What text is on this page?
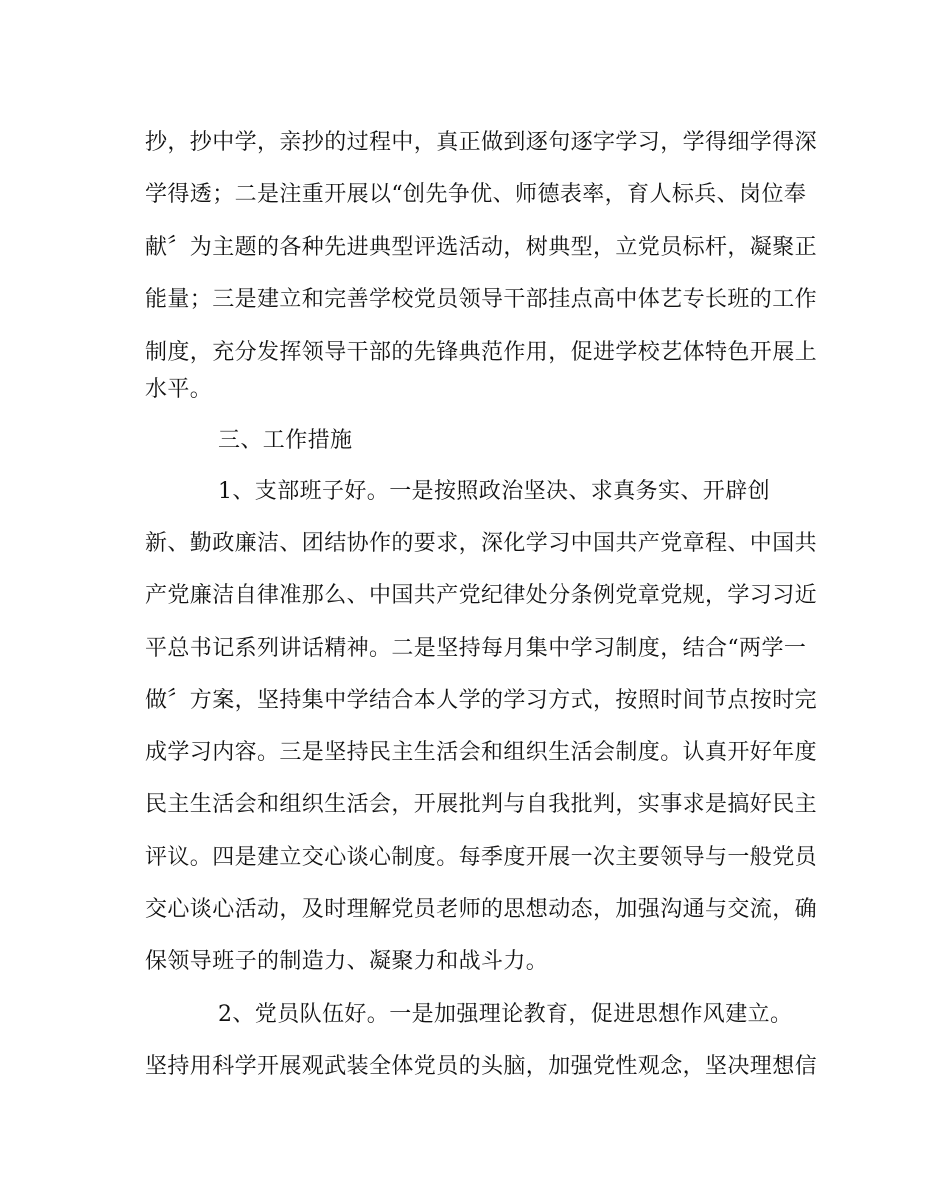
抄，抄中学，亲抄的过程中，真正做到逐句逐字学习，学得细学得深
学得透；二是注重开展以“创先争优、师德表率，育人标兵、岗位奉
献〞为主题的各种先进典型评选活动，树典型，立党员标杆，凝聚正
能量；三是建立和完善学校党员领导干部挂点高中体艺专长班的工作
制度，充分发挥领导干部的先锋典范作用，促进学校艺体特色开展上
水平。
三、工作措施
1、支部班子好。一是按照政治坚决、求真务实、开辟创
新、勤政廉洁、团结协作的要求，深化学习中国共产党章程、中国共
产党廉洁自律准那么、中国共产党纪律处分条例党章党规，学习习近
平总书记系列讲话精神。二是坚持每月集中学习制度，结合“两学一
做〞方案，坚持集中学结合本人学的学习方式，按照时间节点按时完
成学习内容。三是坚持民主生活会和组织生活会制度。认真开好年度
民主生活会和组织生活会，开展批判与自我批判，实事求是搞好民主
评议。四是建立交心谈心制度。每季度开展一次主要领导与一般党员
交心谈心活动，及时理解党员老师的思想动态，加强沟通与交流，确
保领导班子的制造力、凝聚力和战斗力。
2、党员队伍好。一是加强理论教育，促进思想作风建立。
坚持用科学开展观武装全体党员的头脑，加强党性观念，坚决理想信
